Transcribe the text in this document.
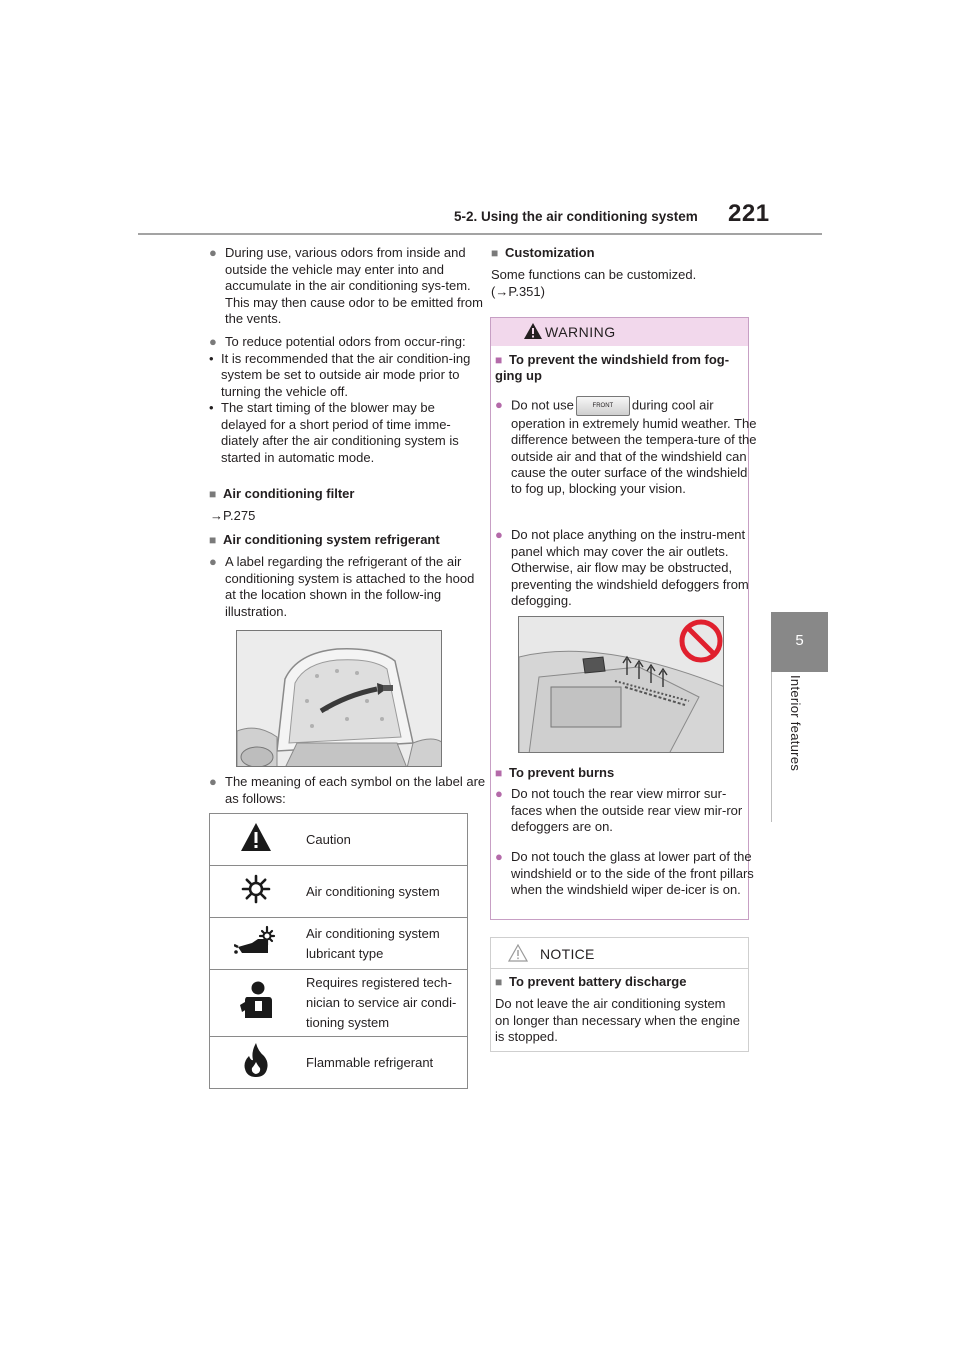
5-2. Using the air conditioning system 221
5
Interior features
● During use, various odors from inside and outside the vehicle may enter into and accumulate in the air conditioning sys-tem. This may then cause odor to be emitted from the vents.
● To reduce potential odors from occur-ring:
• It is recommended that the air condition-ing system be set to outside air mode prior to turning the vehicle off.
• The start timing of the blower may be delayed for a short period of time imme-diately after the air conditioning system is started in automatic mode.
■ Air conditioning filter
→P.275
■ Air conditioning system refrigerant
● A label regarding the refrigerant of the air conditioning system is attached to the hood at the location shown in the follow-ing illustration.
● The meaning of each symbol on the label are as follows:
	Caution
	Air conditioning system
	Air conditioning system lubricant type
	Requires registered tech-nician to service air condi-tioning system
	Flammable refrigerant
■ Customization
Some functions can be customized. (→P.351)
WARNING
■ To prevent the windshield from fog-ging up
● Do not use	FRONT during cool air operation in extremely humid weather. The difference between the tempera-ture of the outside air and that of the windshield can cause the outer surface of the windshield to fog up, blocking your vision.
● Do not place anything on the instru-ment panel which may cover the air outlets. Otherwise, air flow may be obstructed, preventing the windshield defoggers from defogging.
■ To prevent burns
● Do not touch the rear view mirror sur-faces when the outside rear view mir-ror defoggers are on.
● Do not touch the glass at lower part of the windshield or to the side of the front pillars when the windshield wiper de-icer is on.
NOTICE
■ To prevent battery discharge
Do not leave the air conditioning system on longer than necessary when the engine is stopped.
